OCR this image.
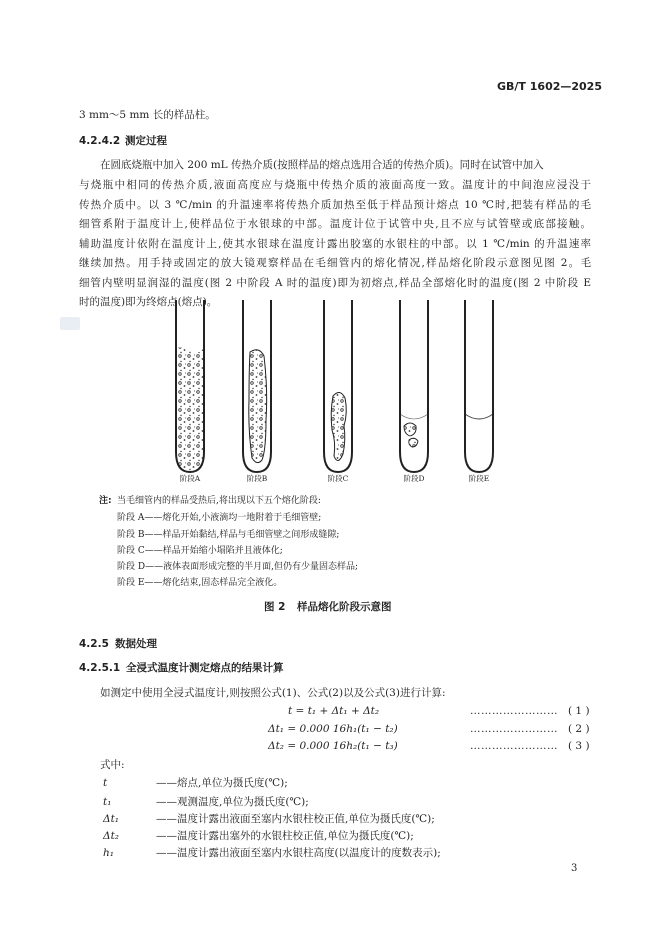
GB/T 1602—2025
3 mm～5 mm 长的样品柱。
4.2.4.2 测定过程
在圆底烧瓶中加入 200 mL 传热介质(按照样品的熔点选用合适的传热介质)。同时在试管中加入
与烧瓶中相同的传热介质,液面高度应与烧瓶中传热介质的液面高度一致。温度计的中间泡应浸没于
传热介质中。以 3 ℃/min 的升温速率将传热介质加热至低于样品预计熔点 10 ℃时,把装有样品的毛
细管系附于温度计上,使样品位于水银球的中部。温度计位于试管中央,且不应与试管壁或底部接触。
辅助温度计依附在温度计上,使其水银球在温度计露出胶塞的水银柱的中部。以 1 ℃/min 的升温速率
继续加热。用手持或固定的放大镜观察样品在毛细管内的熔化情况,样品熔化阶段示意图见图 2。毛
细管内壁明显润湿的温度(图 2 中阶段 A 时的温度)即为初熔点,样品全部熔化时的温度(图 2 中阶段 E
时的温度)即为终熔点(熔点)。
阶段A	阶段B	阶段C	阶段D	阶段E
注: 当毛细管内的样品受热后,将出现以下五个熔化阶段:
阶段 A——熔化开始,小液滴均一地附着于毛细管壁;
阶段 B——样品开始黏结,样品与毛细管壁之间形成缝隙;
阶段 C——样品开始缩小塌陷并且液体化;
阶段 D——液体表面形成完整的半月面,但仍有少量固态样品;
阶段 E——熔化结束,固态样品完全液化。
图 2 样品熔化阶段示意图
4.2.5 数据处理
4.2.5.1 全浸式温度计测定熔点的结果计算
如测定中使用全浸式温度计,则按照公式(1)、公式(2)以及公式(3)进行计算:
t = t₁ + Δt₁ + Δt₂	…………………… ( 1 )
Δt₁ = 0.000 16h₁(t₁ − t₂)	…………………… ( 2 )
Δt₂ = 0.000 16h₂(t₁ − t₃)	…………………… ( 3 )
式中:
t	——熔点,单位为摄氏度(℃);
t₁	——观测温度,单位为摄氏度(℃);
Δt₁	——温度计露出液面至塞内水银柱校正值,单位为摄氏度(℃);
Δt₂	——温度计露出塞外的水银柱校正值,单位为摄氏度(℃);
h₁	——温度计露出液面至塞内水银柱高度(以温度计的度数表示);
3
